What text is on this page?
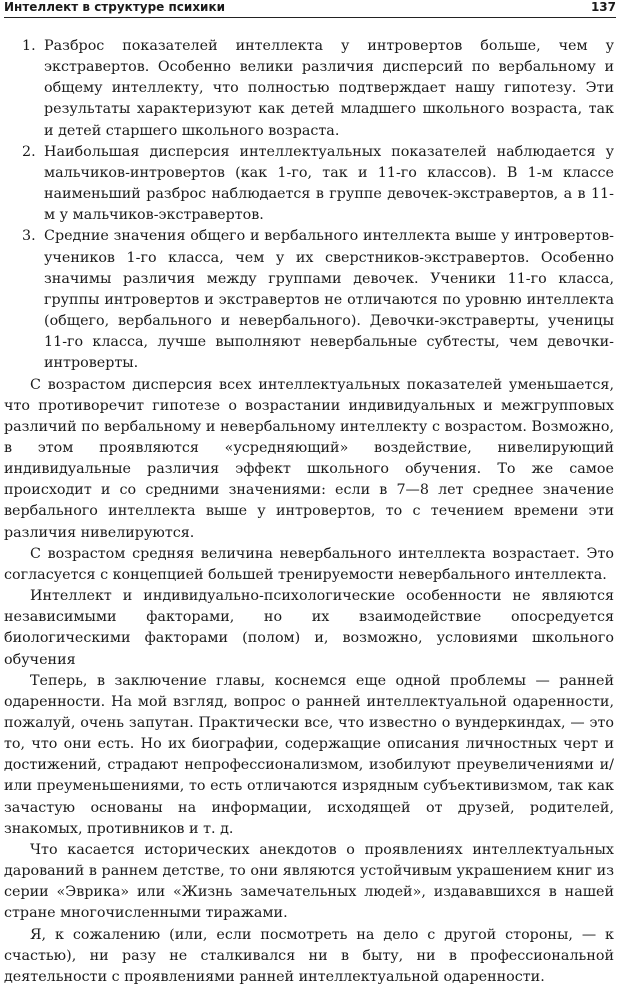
Интеллект в структуре психики	137
1. Разброс показателей интеллекта у интровертов больше, чем у экстравертов. Особенно велики различия дисперсий по вербальному и общему интеллекту, что полностью подтверждает нашу гипотезу. Эти результаты характеризуют как детей младшего школьного возраста, так и детей старшего школьного возраста.
2. Наибольшая дисперсия интеллектуальных показателей наблюдается у мальчиков-интровертов (как 1-го, так и 11-го классов). В 1-м классе наименьший разброс наблюдается в группе девочек-экстравертов, а в 11-м у мальчиков-экстравертов.
3. Средние значения общего и вербального интеллекта выше у интровертов-учеников 1-го класса, чем у их сверстников-экстравертов. Особенно значимы различия между группами девочек. Ученики 11-го класса, группы интровертов и экстравертов не отличаются по уровню интеллекта (общего, вербального и невербального). Девочки-экстраверты, ученицы 11-го класса, лучше выполняют невербальные субтесты, чем девочки-интроверты.

С возрастом дисперсия всех интеллектуальных показателей уменьшается, что противоречит гипотезе о возрастании индивидуальных и межгрупповых различий по вербальному и невербальному интеллекту с возрастом. Возможно, в этом проявляются «усредняющий» воздействие, нивелирующий индивидуальные различия эффект школьного обучения. То же самое происходит и со средними значениями: если в 7—8 лет среднее значение вербального интеллекта выше у интровертов, то с течением времени эти различия нивелируются.

С возрастом средняя величина невербального интеллекта возрастает. Это согласуется с концепцией большей тренируемости невербального интеллекта.

Интеллект и индивидуально-психологические особенности не являются независимыми факторами, но их взаимодействие опосредуется биологическими факторами (полом) и, возможно, условиями школьного обучения

Теперь, в заключение главы, коснемся еще одной проблемы — ранней одаренности. На мой взгляд, вопрос о ранней интеллектуальной одаренности, пожалуй, очень запутан. Практически все, что известно о вундеркиндах, — это то, что они есть. Но их биографии, содержащие описания личностных черт и достижений, страдают непрофессионализмом, изобилуют преувеличениями и/или преуменьшениями, то есть отличаются изрядным субъективизмом, так как зачастую основаны на информации, исходящей от друзей, родителей, знакомых, противников и т. д.

Что касается исторических анекдотов о проявлениях интеллектуальных дарований в раннем детстве, то они являются устойчивым украшением книг из серии «Эврика» или «Жизнь замечательных людей», издававшихся в нашей стране многочисленными тиражами.

Я, к сожалению (или, если посмотреть на дело с другой стороны, — к счастью), ни разу не сталкивался ни в быту, ни в профессиональной деятельности с проявлениями ранней интеллектуальной одаренности.
